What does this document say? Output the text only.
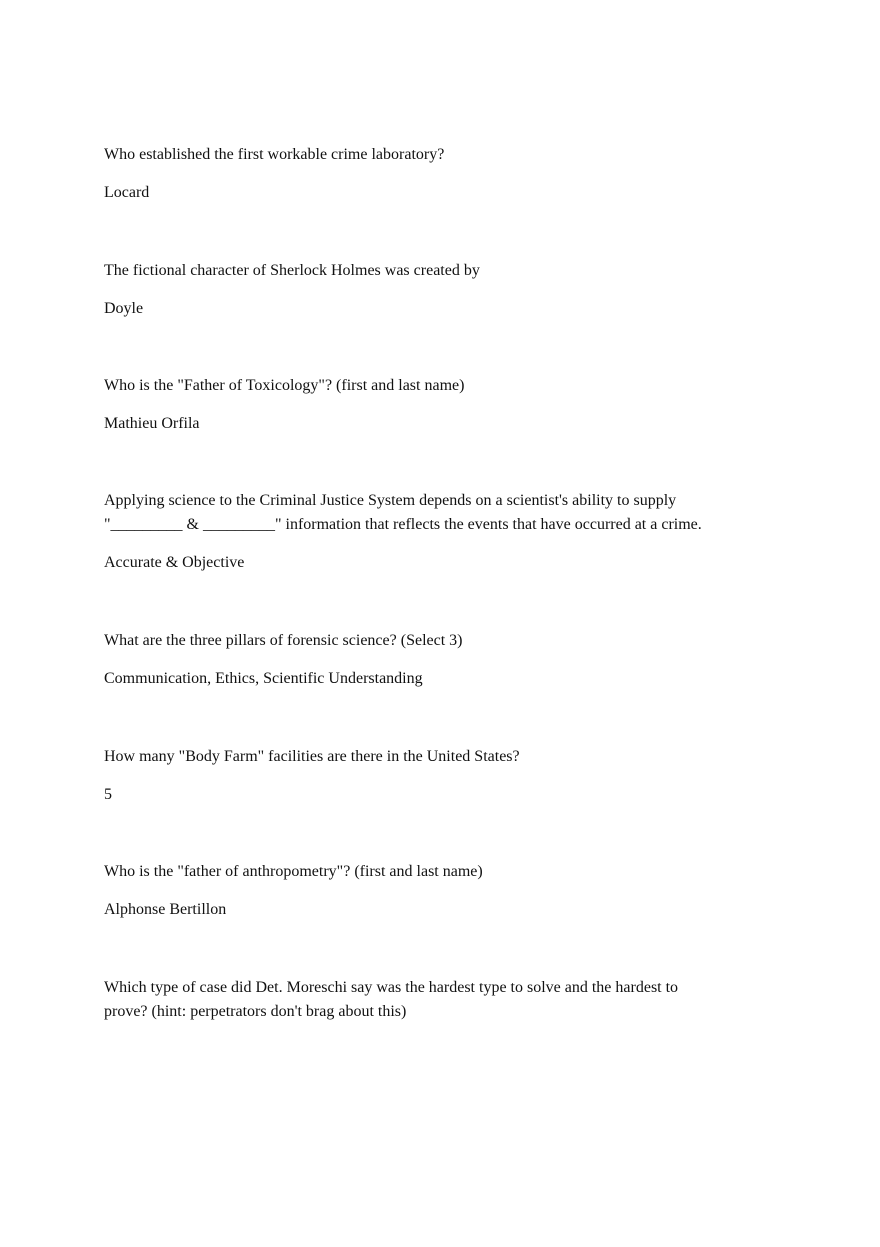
Who established the first workable crime laboratory?

Locard

The fictional character of Sherlock Holmes was created by

Doyle

Who is the "Father of Toxicology"? (first and last name)

Mathieu Orfila

Applying science to the Criminal Justice System depends on a scientist's ability to supply

"_________ & _________" information that reflects the events that have occurred at a crime.

Accurate & Objective

What are the three pillars of forensic science? (Select 3)

Communication, Ethics, Scientific Understanding

How many "Body Farm" facilities are there in the United States?

5

Who is the "father of anthropometry"? (first and last name)

Alphonse Bertillon

Which type of case did Det. Moreschi say was the hardest type to solve and the hardest to

prove? (hint: perpetrators don't brag about this)
